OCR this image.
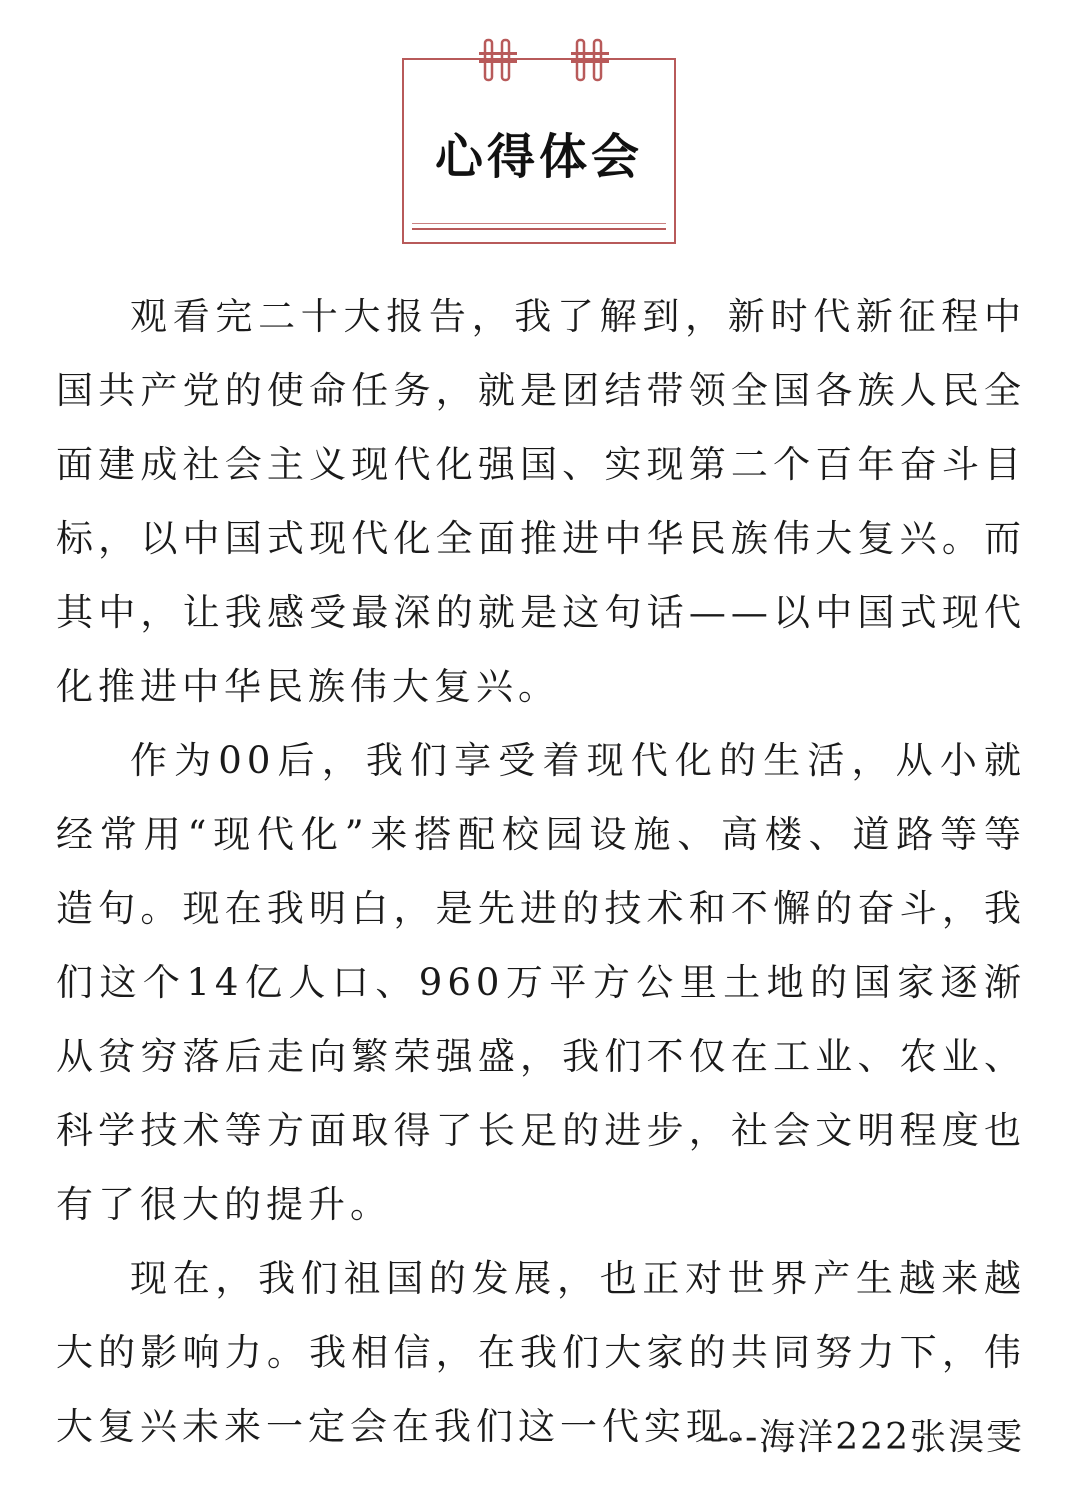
心得体会

观看完二十大报告，我了解到，新时代新征程中国共产党的使命任务，就是团结带领全国各族人民全面建成社会主义现代化强国、实现第二个百年奋斗目标，以中国式现代化全面推进中华民族伟大复兴。而其中，让我感受最深的就是这句话——以中国式现代化推进中华民族伟大复兴。

作为00后，我们享受着现代化的生活，从小就经常用“现代化”来搭配校园设施、高楼、道路等等造句。现在我明白，是先进的技术和不懈的奋斗，我们这个14亿人口、960万平方公里土地的国家逐渐从贫穷落后走向繁荣强盛，我们不仅在工业、农业、科学技术等方面取得了长足的进步，社会文明程度也有了很大的提升。

现在，我们祖国的发展，也正对世界产生越来越大的影响力。我相信，在我们大家的共同努力下，伟大复兴未来一定会在我们这一代实现。

----海洋222张淏雯
